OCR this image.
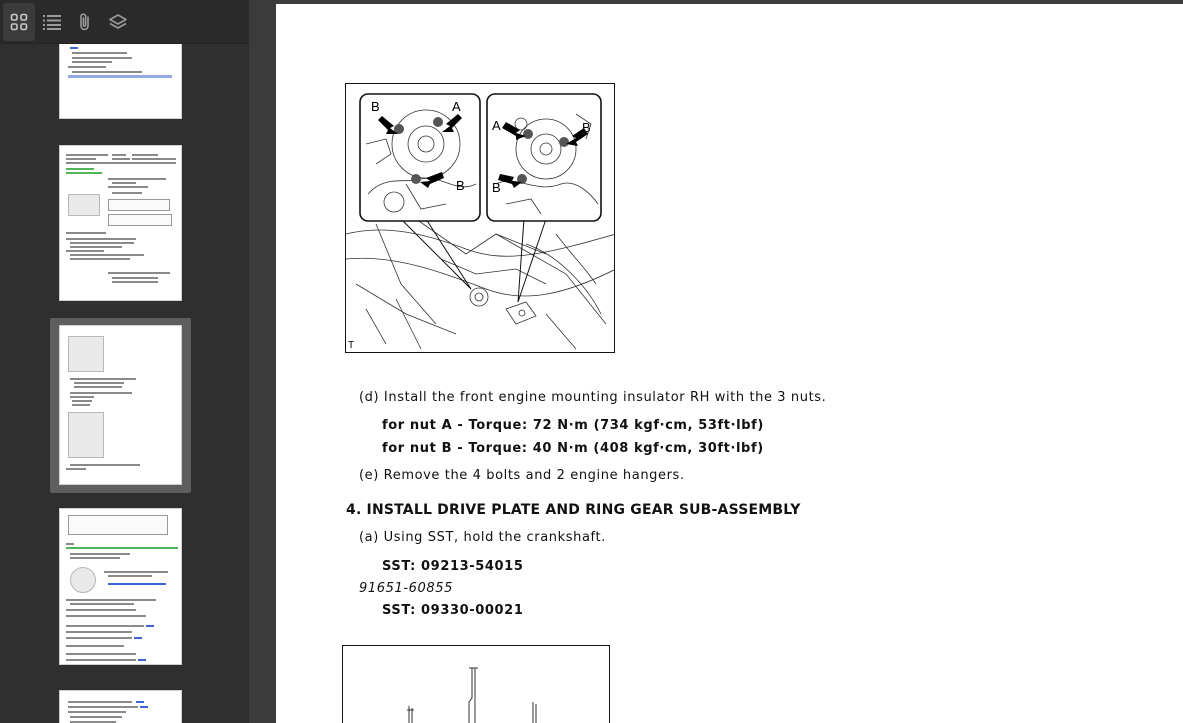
B	A
B
A	B
B
T
(d) Install the front engine mounting insulator RH with the 3 nuts.
for nut A - Torque: 72 N·m (734 kgf·cm, 53ft·lbf)
for nut B - Torque: 40 N·m (408 kgf·cm, 30ft·lbf)
(e) Remove the 4 bolts and 2 engine hangers.
4. INSTALL DRIVE PLATE AND RING GEAR SUB-ASSEMBLY
(a) Using SST, hold the crankshaft.
SST: 09213-54015
91651-60855
SST: 09330-00021
